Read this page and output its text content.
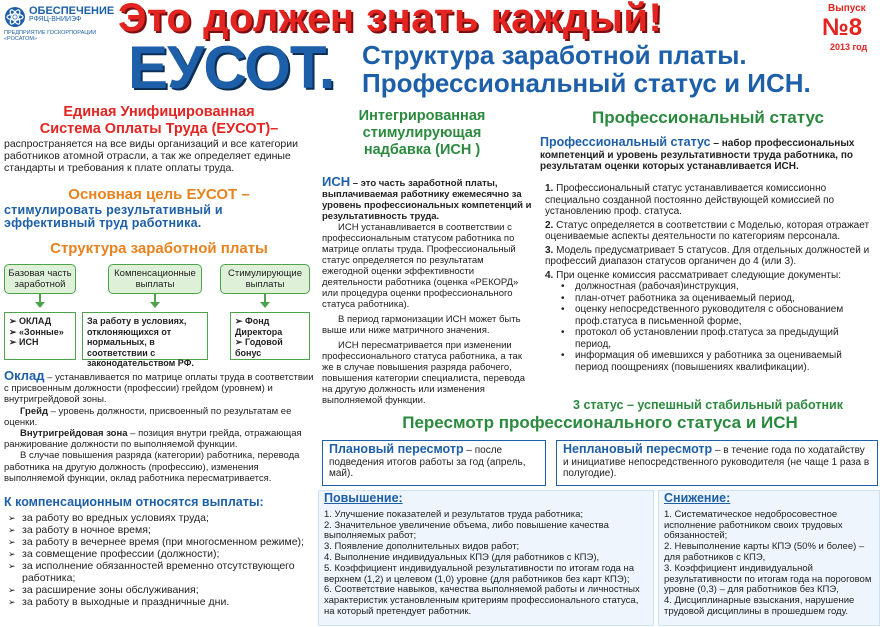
ОБЕСПЕЧЕНИЕ
РФЯЦ-ВНИИЭФ
ПРЕДПРИЯТИЕ ГОСКОРПОРАЦИИ «РОСАТОМ»	Это должен знать каждый!	Выпуск
№8
2013 год
ЕУСОТ. Структура заработной платы.
Профессиональный статус и ИСН.
Единая Унифицированная
Система Оплаты Труда (ЕУСОТ)–
распространяется на все виды организаций и все категории работников атомной отрасли, а так же определяет единые стандарты и требования к плате оплаты труда.
Основная цель ЕУСОТ –
стимулировать результативный и эффективный труд работника.
Структура заработной платы
Базовая часть заработной
Компенсационные выплаты
Стимулирующие выплаты
➢ ОКЛАД
➢ «Зонные»
➢ ИСН
За работу в условиях, отклоняющихся от нормальных, в соответствии с законодательством РФ.
➢ Фонд Директора
➢ Годовой бонус

Оклад – устанавливается по матрице оплаты труда в соответствии с присвоенным должности (профессии) грейдом (уровнем) и внутригрейдовой зоны.

Грейд – уровень должности, присвоенный по результатам ее оценки.

Внутригрейдовая зона – позиция внутри грейда, отражающая ранжирование должности по выполняемой функции.

В случае повышения разряда (категории) работника, перевода работника на другую должность (профессию), изменения выполняемой функции, оклад работника пересматривается.

К компенсационным относятся выплаты:
➢ за работу во вредных условиях труда;
➢ за работу в ночное время;
➢ за работу в вечернее время (при многосменном режиме);
➢ за совмещение профессии (должности);
➢ за исполнение обязанностей временно отсутствующего работника;
➢ за расширение зоны обслуживания;
➢ за работу в выходные и праздничные дни.
Интегрированная
стимулирующая
надбавка (ИСН )

ИСН – это часть заработной платы, выплачиваемая работнику ежемесячно за уровень профессиональных компетенций и результативность труда.

ИСН устанавливается в соответствии с профессиональным статусом работника по матрице оплаты труда. Профессиональный статус определяется по результатам ежегодной оценки эффективности деятельности работника (оценка «РЕКОРД» или процедура оценки профессионального статуса работника).

В период гармонизации ИСН может быть выше или ниже матричного значения.

ИСН пересматривается при изменении профессионального статуса работника, а так же в случае повышения разряда рабочего, повышения категории специалиста, перевода на другую должность или изменения выполняемой функции.

Профессиональный статус
Профессиональный статус – набор профессиональных компетенций и уровень результативности труда работника, по результатам оценки которых устанавливается ИСН.
1. Профессиональный статус устанавливается комиссионно специально созданной постоянно действующей комиссией по установлению проф. статуса.
2. Статус определяется в соответствии с Моделью, которая отражает оцениваемые аспекты деятельности по категориям персонала.
3. Модель предусматривает 5 статусов. Для отдельных должностей и профессий диапазон статусов органичен до 4 (или 3).
4. При оценке комиссия рассматривает следующие документы:
• должностная (рабочая)инструкция,
• план-отчет работника за оцениваемый период,
• оценку непосредственного руководителя с обоснованием проф.статуса в письменной форме,
• протокол об установлении проф.статуса за предыдущий период,
• информация об имевшихся у работника за оцениваемый период поощрениях (повышениях квалификации).
3 статус – успешный стабильный работник
Пересмотр профессионального статуса и ИСН
Плановый пересмотр – после подведения итогов работы за год (апрель, май).
Неплановый пересмотр – в течение года по ходатайству и инициативе непосредственного руководителя (не чаще 1 раза в полугодие).
Повышение:
1. Улучшение показателей и результатов труда работника;
2. Значительное увеличение объема, либо повышение качества выполняемых работ;
3. Появление дополнительных видов работ;
4. Выполнение индивидуальных КПЭ (для работников с КПЭ),
5. Коэффициент индивидуальной результативности по итогам года на верхнем (1,2) и целевом (1,0) уровне (для работников без карт КПЭ);
6. Соответствие навыков, качества выполняемой работы и личностных характеристик установленным критериям профессионального статуса, на который претендует работник.
Снижение:
1. Систематическое недобросовестное исполнение работником своих трудовых обязанностей;
2. Невыполнение карты КПЭ (50% и более) – для работников с КПЭ,
3. Коэффициент индивидуальной результативности по итогам года на пороговом уровне (0,3) – для работников без КПЭ,
4. Дисциплинарные взыскания, нарушение трудовой дисциплины в прошедшем году.
